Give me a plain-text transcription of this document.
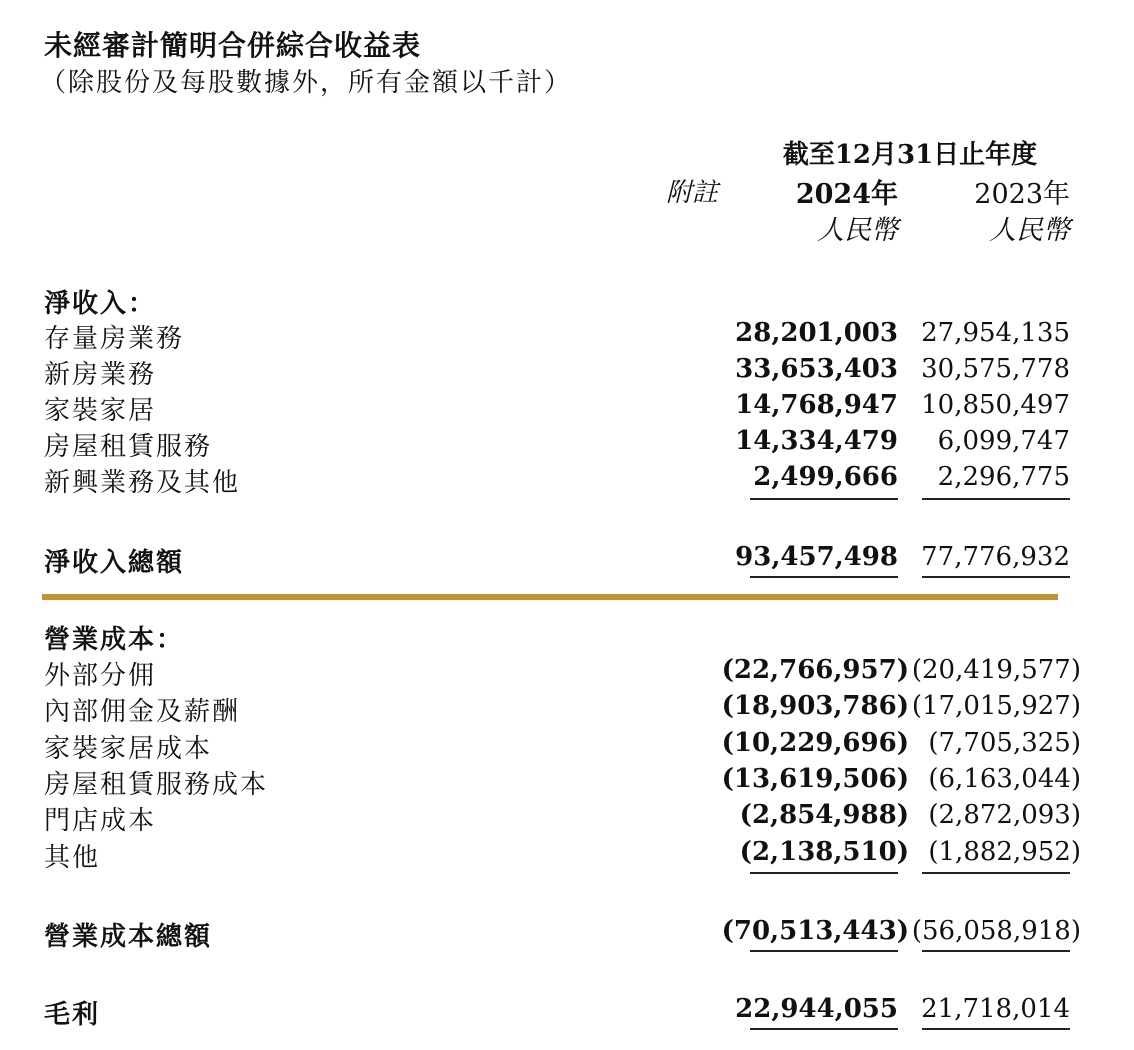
未經審計簡明合併綜合收益表
（除股份及每股數據外，所有金額以千計）
截至12月31日止年度
附註	2024年	2023年
人民幣	人民幣
淨收入：
存量房業務	28,201,003 27,954,135
新房業務	33,653,403 30,575,778
家裝家居	14,768,947 10,850,497
房屋租賃服務	14,334,479	6,099,747
新興業務及其他	2,499,666	2,296,775
淨收入總額	93,457,498 77,776,932
營業成本：
外部分佣	(22,766,957) (20,419,577)
內部佣金及薪酬	(18,903,786) (17,015,927)
家裝家居成本	(10,229,696) (7,705,325)
房屋租賃服務成本	(13,619,506) (6,163,044)
門店成本	(2,854,988) (2,872,093)
其他	(2,138,510) (1,882,952)
營業成本總額	(70,513,443) (56,058,918)
毛利	22,944,055 21,718,014
